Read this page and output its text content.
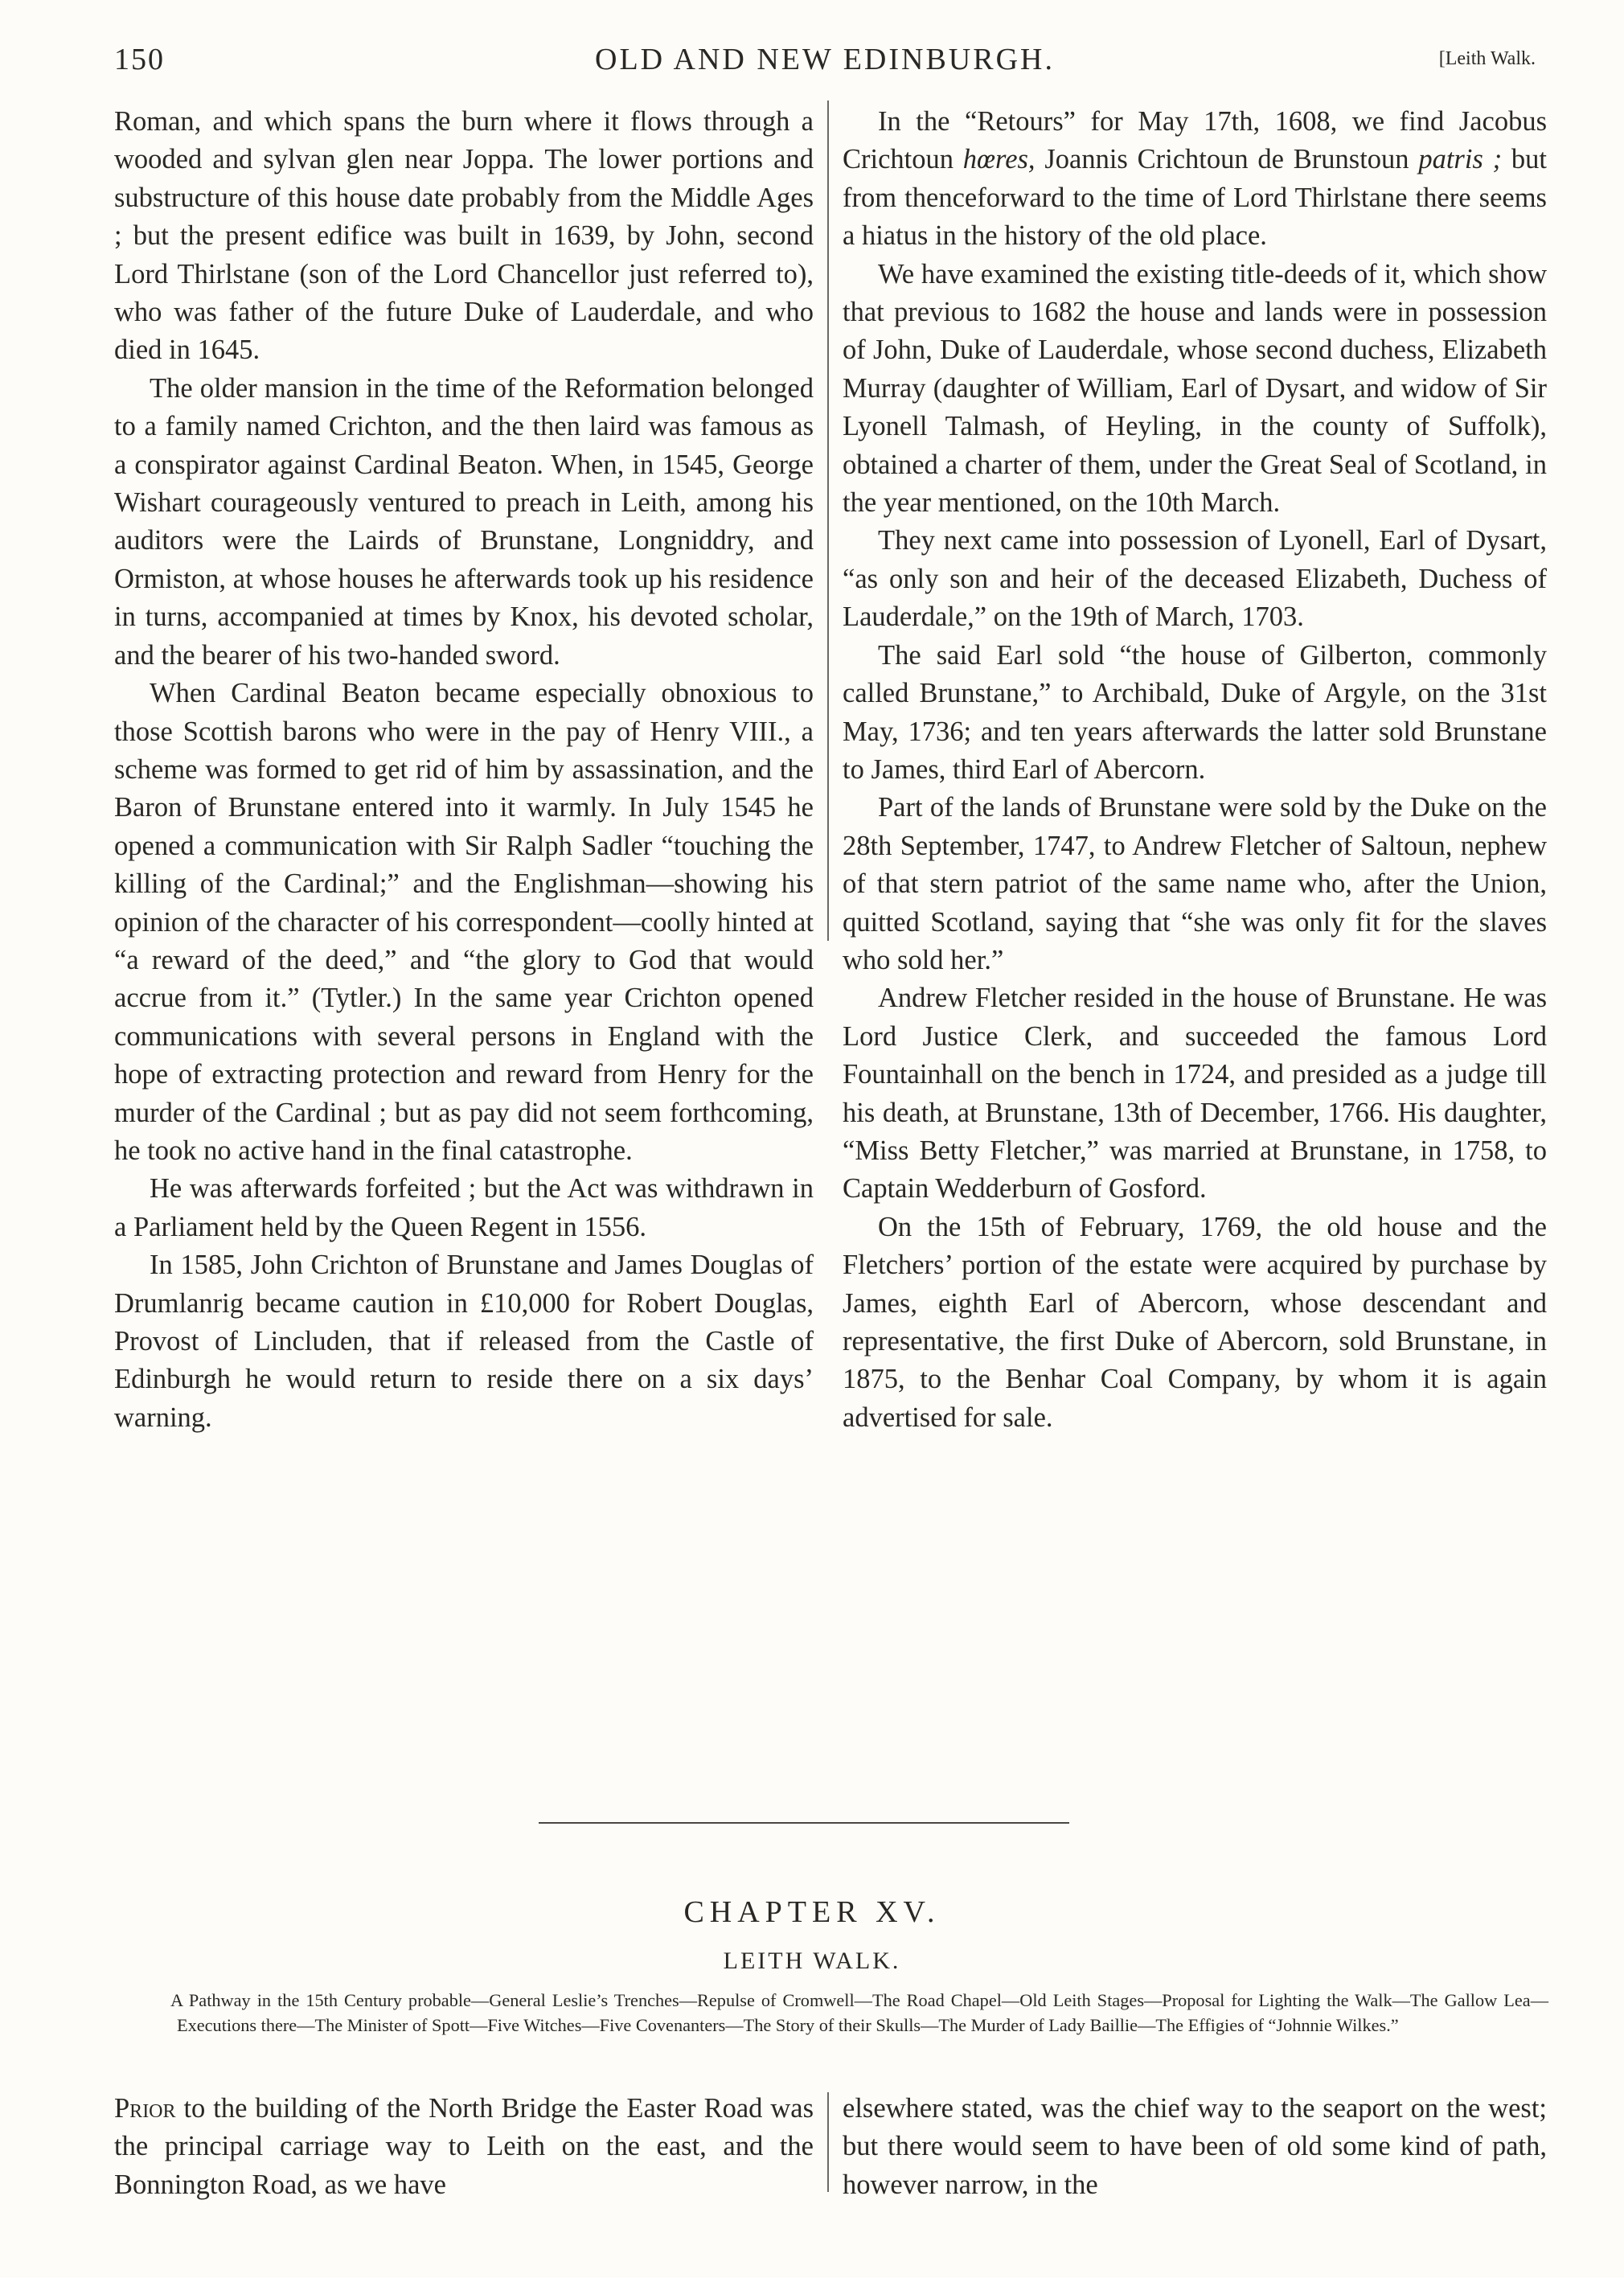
150	OLD AND NEW EDINBURGH.	[Leith Walk.

Roman, and which spans the burn where it flows through a wooded and sylvan glen near Joppa. The lower portions and substructure of this house date probably from the Middle Ages ; but the present edifice was built in 1639, by John, second Lord Thirlstane (son of the Lord Chancellor just referred to), who was father of the future Duke of Lauderdale, and who died in 1645.

The older mansion in the time of the Reformation belonged to a family named Crichton, and the then laird was famous as a conspirator against Cardinal Beaton. When, in 1545, George Wishart courageously ventured to preach in Leith, among his auditors were the Lairds of Brunstane, Longniddry, and Ormiston, at whose houses he afterwards took up his residence in turns, accompanied at times by Knox, his devoted scholar, and the bearer of his two-handed sword.

When Cardinal Beaton became especially obnoxious to those Scottish barons who were in the pay of Henry VIII., a scheme was formed to get rid of him by assassination, and the Baron of Brunstane entered into it warmly. In July 1545 he opened a communication with Sir Ralph Sadler “touching the killing of the Cardinal;” and the Englishman—showing his opinion of the character of his correspondent—coolly hinted at “a reward of the deed,” and “the glory to God that would accrue from it.” (Tytler.) In the same year Crichton opened communications with several persons in England with the hope of extracting protection and reward from Henry for the murder of the Cardinal ; but as pay did not seem forthcoming, he took no active hand in the final catastrophe.

He was afterwards forfeited ; but the Act was withdrawn in a Parliament held by the Queen Regent in 1556.

In 1585, John Crichton of Brunstane and James Douglas of Drumlanrig became caution in £10,000 for Robert Douglas, Provost of Lincluden, that if released from the Castle of Edinburgh he would return to reside there on a six days’ warning.

In the “Retours” for May 17th, 1608, we find Jacobus Crichtoun hœres, Joannis Crichtoun de Brunstoun patris ; but from thenceforward to the time of Lord Thirlstane there seems a hiatus in the history of the old place.

We have examined the existing title-deeds of it, which show that previous to 1682 the house and lands were in possession of John, Duke of Lauderdale, whose second duchess, Elizabeth Murray (daughter of William, Earl of Dysart, and widow of Sir Lyonell Talmash, of Heyling, in the county of Suffolk), obtained a charter of them, under the Great Seal of Scotland, in the year mentioned, on the 10th March.

They next came into possession of Lyonell, Earl of Dysart, “as only son and heir of the deceased Elizabeth, Duchess of Lauderdale,” on the 19th of March, 1703.

The said Earl sold “the house of Gilberton, commonly called Brunstane,” to Archibald, Duke of Argyle, on the 31st May, 1736; and ten years afterwards the latter sold Brunstane to James, third Earl of Abercorn.

Part of the lands of Brunstane were sold by the Duke on the 28th September, 1747, to Andrew Fletcher of Saltoun, nephew of that stern patriot of the same name who, after the Union, quitted Scotland, saying that “she was only fit for the slaves who sold her.”

Andrew Fletcher resided in the house of Brunstane. He was Lord Justice Clerk, and succeeded the famous Lord Fountainhall on the bench in 1724, and presided as a judge till his death, at Brunstane, 13th of December, 1766. His daughter, “Miss Betty Fletcher,” was married at Brunstane, in 1758, to Captain Wedderburn of Gosford.

On the 15th of February, 1769, the old house and the Fletchers’ portion of the estate were acquired by purchase by James, eighth Earl of Abercorn, whose descendant and representative, the first Duke of Abercorn, sold Brunstane, in 1875, to the Benhar Coal Company, by whom it is again advertised for sale.

CHAPTER XV.
LEITH WALK.

A Pathway in the 15th Century probable—General Leslie’s Trenches—Repulse of Cromwell—The Road Chapel—Old Leith Stages—Proposal for Lighting the Walk—The Gallow Lea—Executions there—The Minister of Spott—Five Witches—Five Covenanters—The Story of their Skulls—The Murder of Lady Baillie—The Effigies of “Johnnie Wilkes.”

Prior to the building of the North Bridge the Easter Road was the principal carriage way to Leith on the east, and the Bonnington Road, as we have

elsewhere stated, was the chief way to the seaport on the west; but there would seem to have been of old some kind of path, however narrow, in the
